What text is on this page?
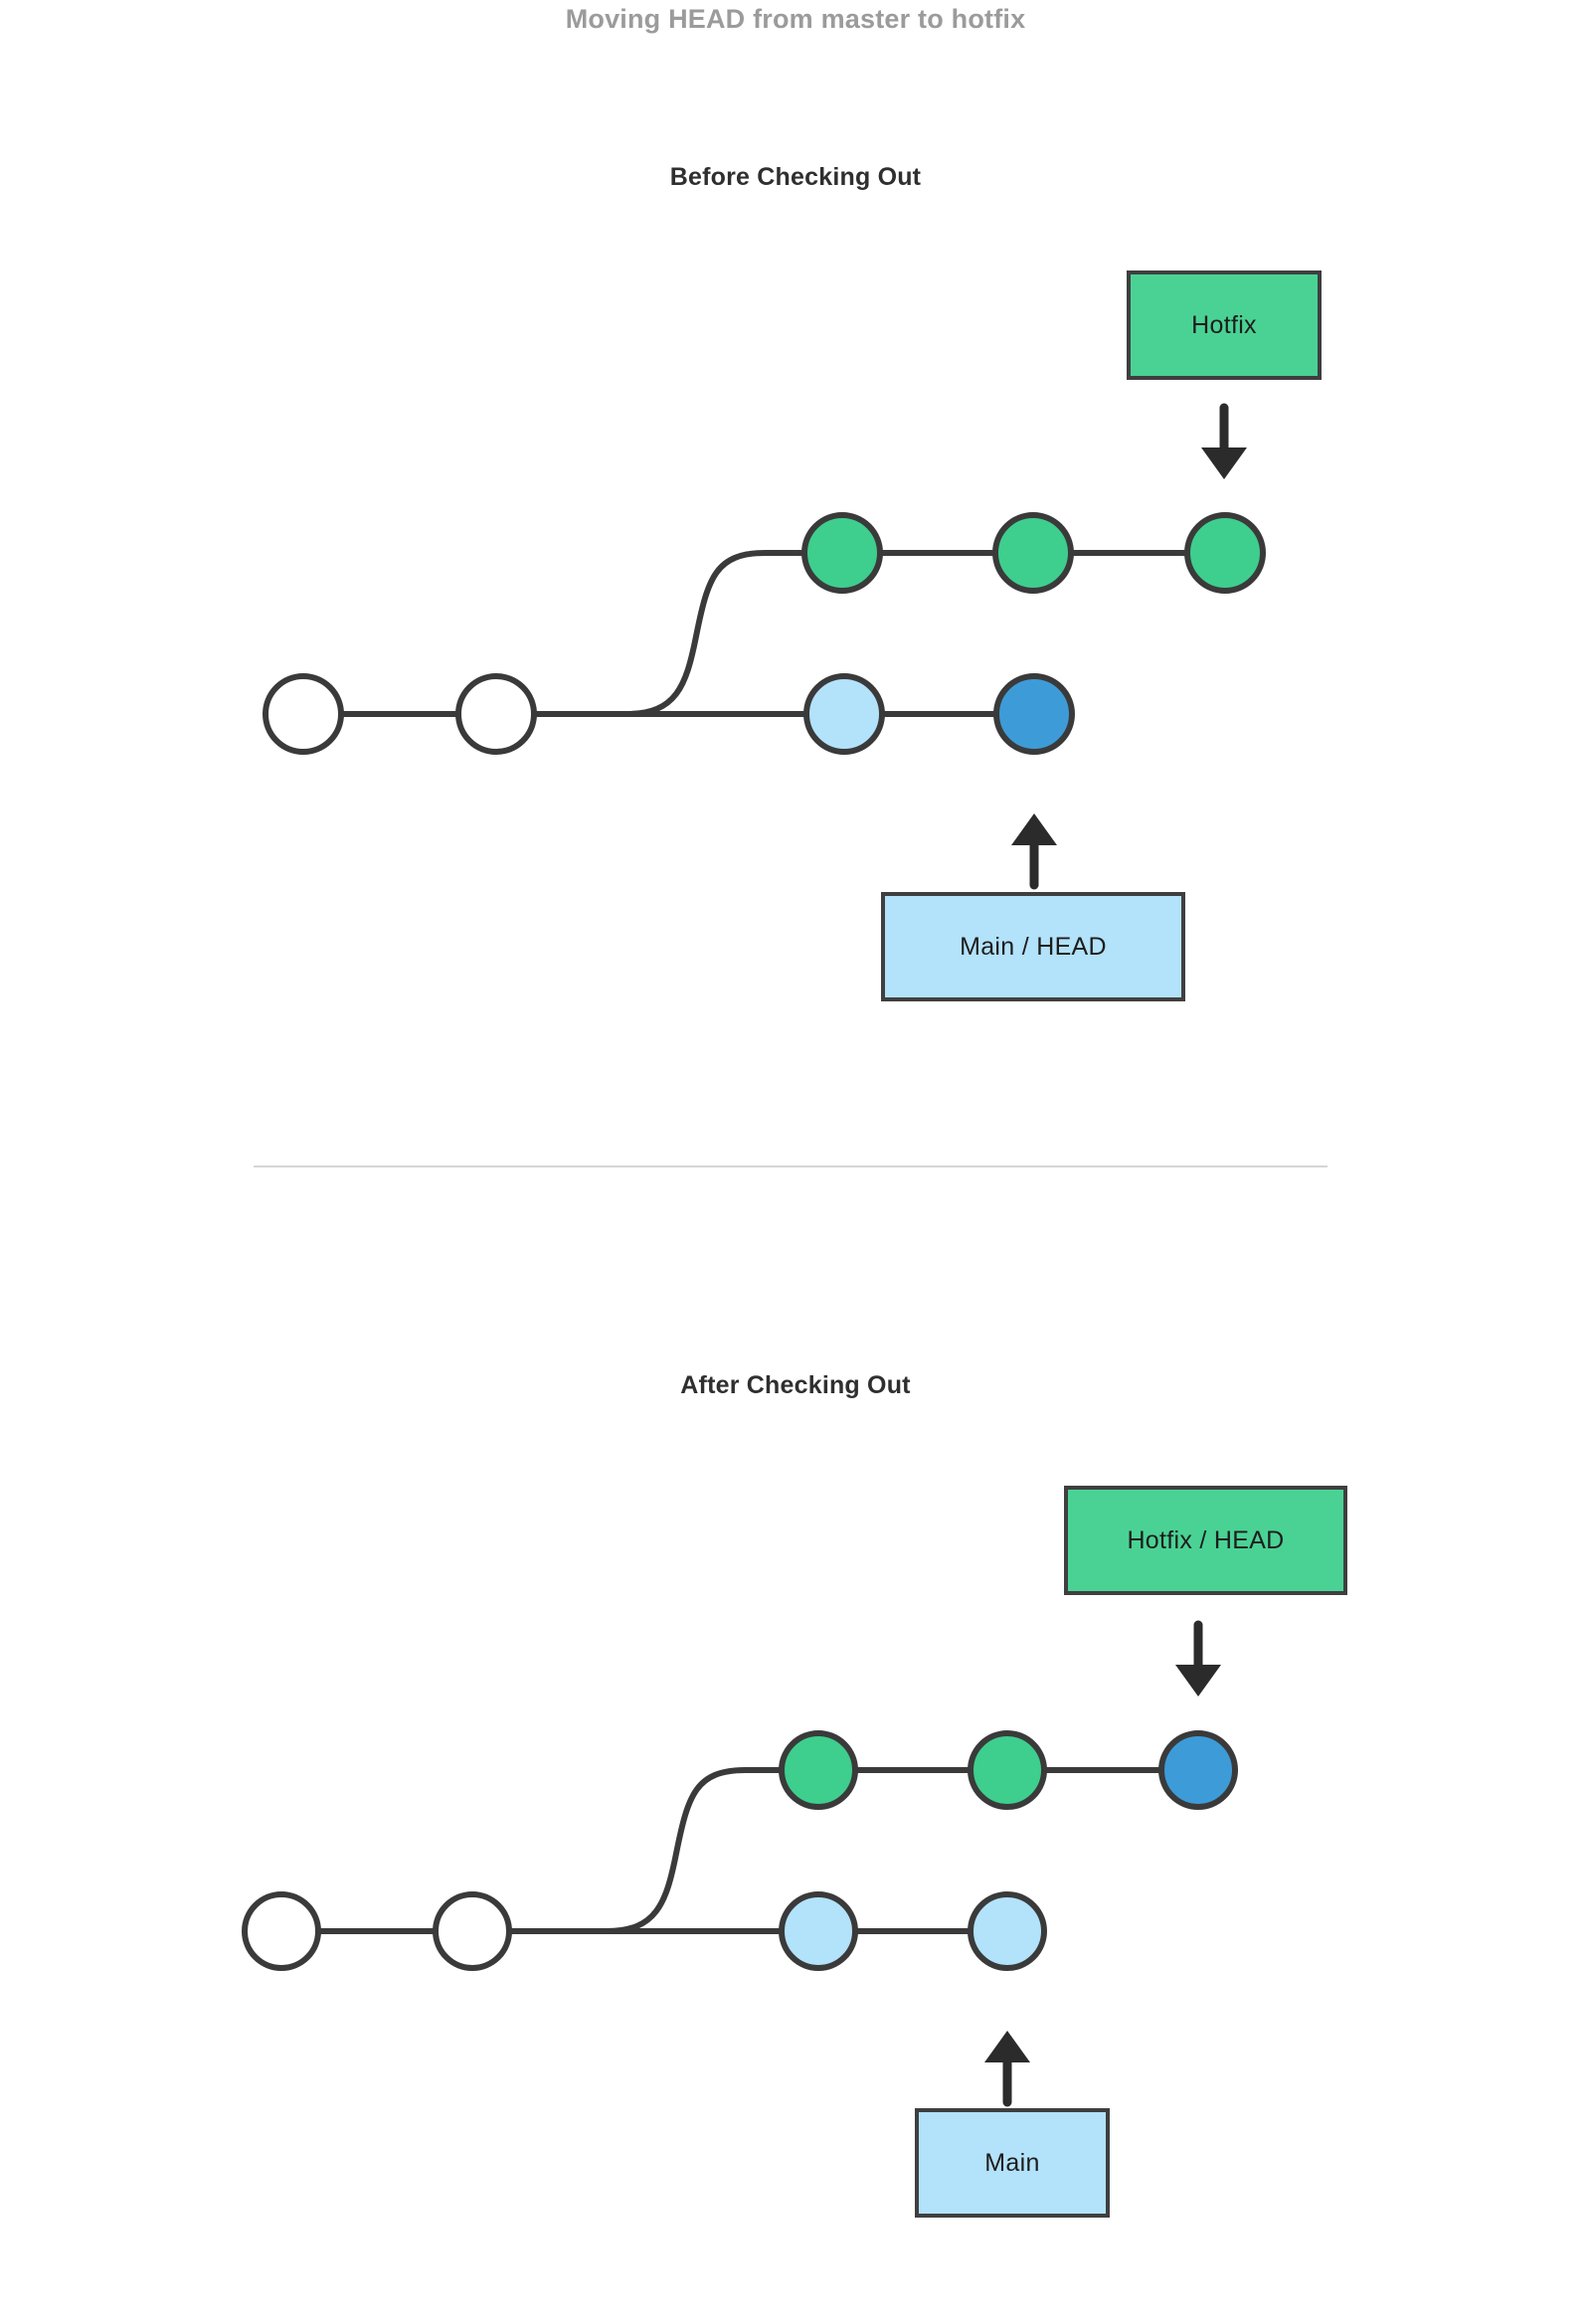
Moving HEAD from master to hotfix
Before Checking Out
Hotfix
Main / HEAD
After Checking Out
Hotfix / HEAD
Main
